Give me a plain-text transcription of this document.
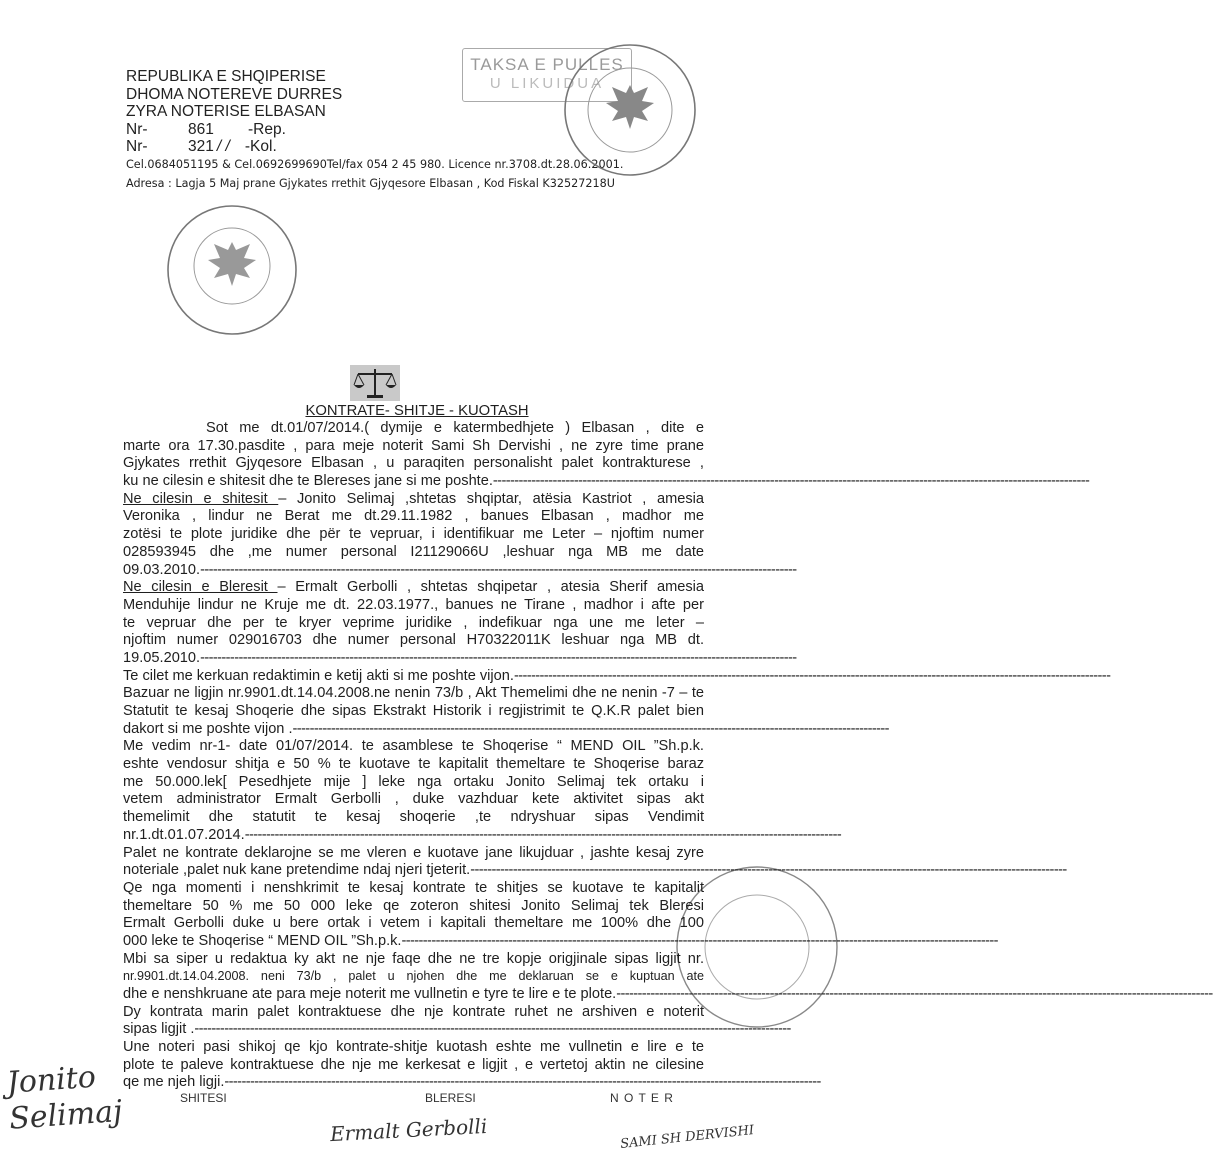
REPUBLIKA E SHQIPERISE
DHOMA NOTEREVE DURRES
ZYRA NOTERISE ELBASAN
Nr-	861 -Rep.
Nr-	321 / / -Kol.
Cel.0684051195 & Cel.0692699690Tel/fax 054 2 45 980. Licence nr.3708.dt.28.06.2001.
Adresa : Lagja 5 Maj prane Gjykates rrethit Gjyqesore Elbasan , Kod Fiskal K32527218U
TAKSA E PULLES
U LIKUIDUA
KONTRATE- SHITJE - KUOTASH
Sot me dt.01/07/2014.( dymije e katermbedhjete ) Elbasan , dite e
marte ora 17.30.pasdite , para meje noterit Sami Sh Dervishi , ne zyre time prane
Gjykates rrethit Gjyqesore Elbasan , u paraqiten personalisht palet kontrakturese ,
ku ne cilesin e shitesit dhe te Blereses jane si me poshte. --------------------------------------------------------------------------------------------------------------------------------------------
Ne cilesin e shitesit – Jonito Selimaj ,shtetas shqiptar, atësia Kastriot , amesia
Veronika , lindur ne Berat me dt.29.11.1982 , banues Elbasan , madhor me
zotësi te plote juridike dhe për te vepruar, i identifikuar me Leter – njoftim numer
028593945 dhe ,me numer personal I21129066U ,leshuar nga MB me date
09.03.2010. --------------------------------------------------------------------------------------------------------------------------------------------
Ne cilesin e Bleresit – Ermalt Gerbolli , shtetas shqipetar , atesia Sherif amesia
Menduhije lindur ne Kruje me dt. 22.03.1977., banues ne Tirane , madhor i afte per
te vepruar dhe per te kryer veprime juridike , indefikuar nga une me leter –
njoftim numer 029016703 dhe numer personal H70322011K leshuar nga MB dt.
19.05.2010. --------------------------------------------------------------------------------------------------------------------------------------------
Te cilet me kerkuan redaktimin e ketij akti si me poshte vijon. --------------------------------------------------------------------------------------------------------------------------------------------
Bazuar ne ligjin nr.9901.dt.14.04.2008.ne nenin 73/b , Akt Themelimi dhe ne nenin -7 – te
Statutit te kesaj Shoqerie dhe sipas Ekstrakt Historik i regjistrimit te Q.K.R palet bien
dakort si me poshte vijon . --------------------------------------------------------------------------------------------------------------------------------------------
Me vedim nr-1- date 01/07/2014. te asamblese te Shoqerise “ MEND OIL ”Sh.p.k.
eshte vendosur shitja e 50 % te kuotave te kapitalit themeltare te Shoqerise baraz
me 50.000.lek[ Pesedhjete mije ] leke nga ortaku Jonito Selimaj tek ortaku i
vetem administrator Ermalt Gerbolli , duke vazhduar kete aktivitet sipas akt
themelimit dhe statutit te kesaj shoqerie ,te ndryshuar sipas Vendimit
nr.1.dt.01.07.2014. --------------------------------------------------------------------------------------------------------------------------------------------
Palet ne kontrate deklarojne se me vleren e kuotave jane likujduar , jashte kesaj zyre
noteriale ,palet nuk kane pretendime ndaj njeri tjeterit. --------------------------------------------------------------------------------------------------------------------------------------------
Qe nga momenti i nenshkrimit te kesaj kontrate te shitjes se kuotave te kapitalit
themeltare 50 % me 50 000 leke qe zoteron shitesi Jonito Selimaj tek Bleresi
Ermalt Gerbolli duke u bere ortak i vetem i kapitali themeltare me 100% dhe 100
000 leke te Shoqerise “ MEND OIL ”Sh.p.k. --------------------------------------------------------------------------------------------------------------------------------------------
Mbi sa siper u redaktua ky akt ne nje faqe dhe ne tre kopje origjinale sipas ligjit nr.
nr.9901.dt.14.04.2008. neni 73/b , palet u njohen dhe me deklaruan se e kuptuan ate
dhe e nenshkruane ate para meje noterit me vullnetin e tyre te lire e te plote. --------------------------------------------------------------------------------------------------------------------------------------------
Dy kontrata marin palet kontraktuese dhe nje kontrate ruhet ne arshiven e noterit
sipas ligjit . --------------------------------------------------------------------------------------------------------------------------------------------
Une noteri pasi shikoj qe kjo kontrate-shitje kuotash eshte me vullnetin e lire e te
plote te paleve kontraktuese dhe nje me kerkesat e ligjit , e vertetoj aktin ne cilesine
qe me njeh ligji. --------------------------------------------------------------------------------------------------------------------------------------------
SHITESI	BLERESI	N O T E R
Jonito
Selimaj	Ermalt Gerbolli	SAMI SH DERVISHI
